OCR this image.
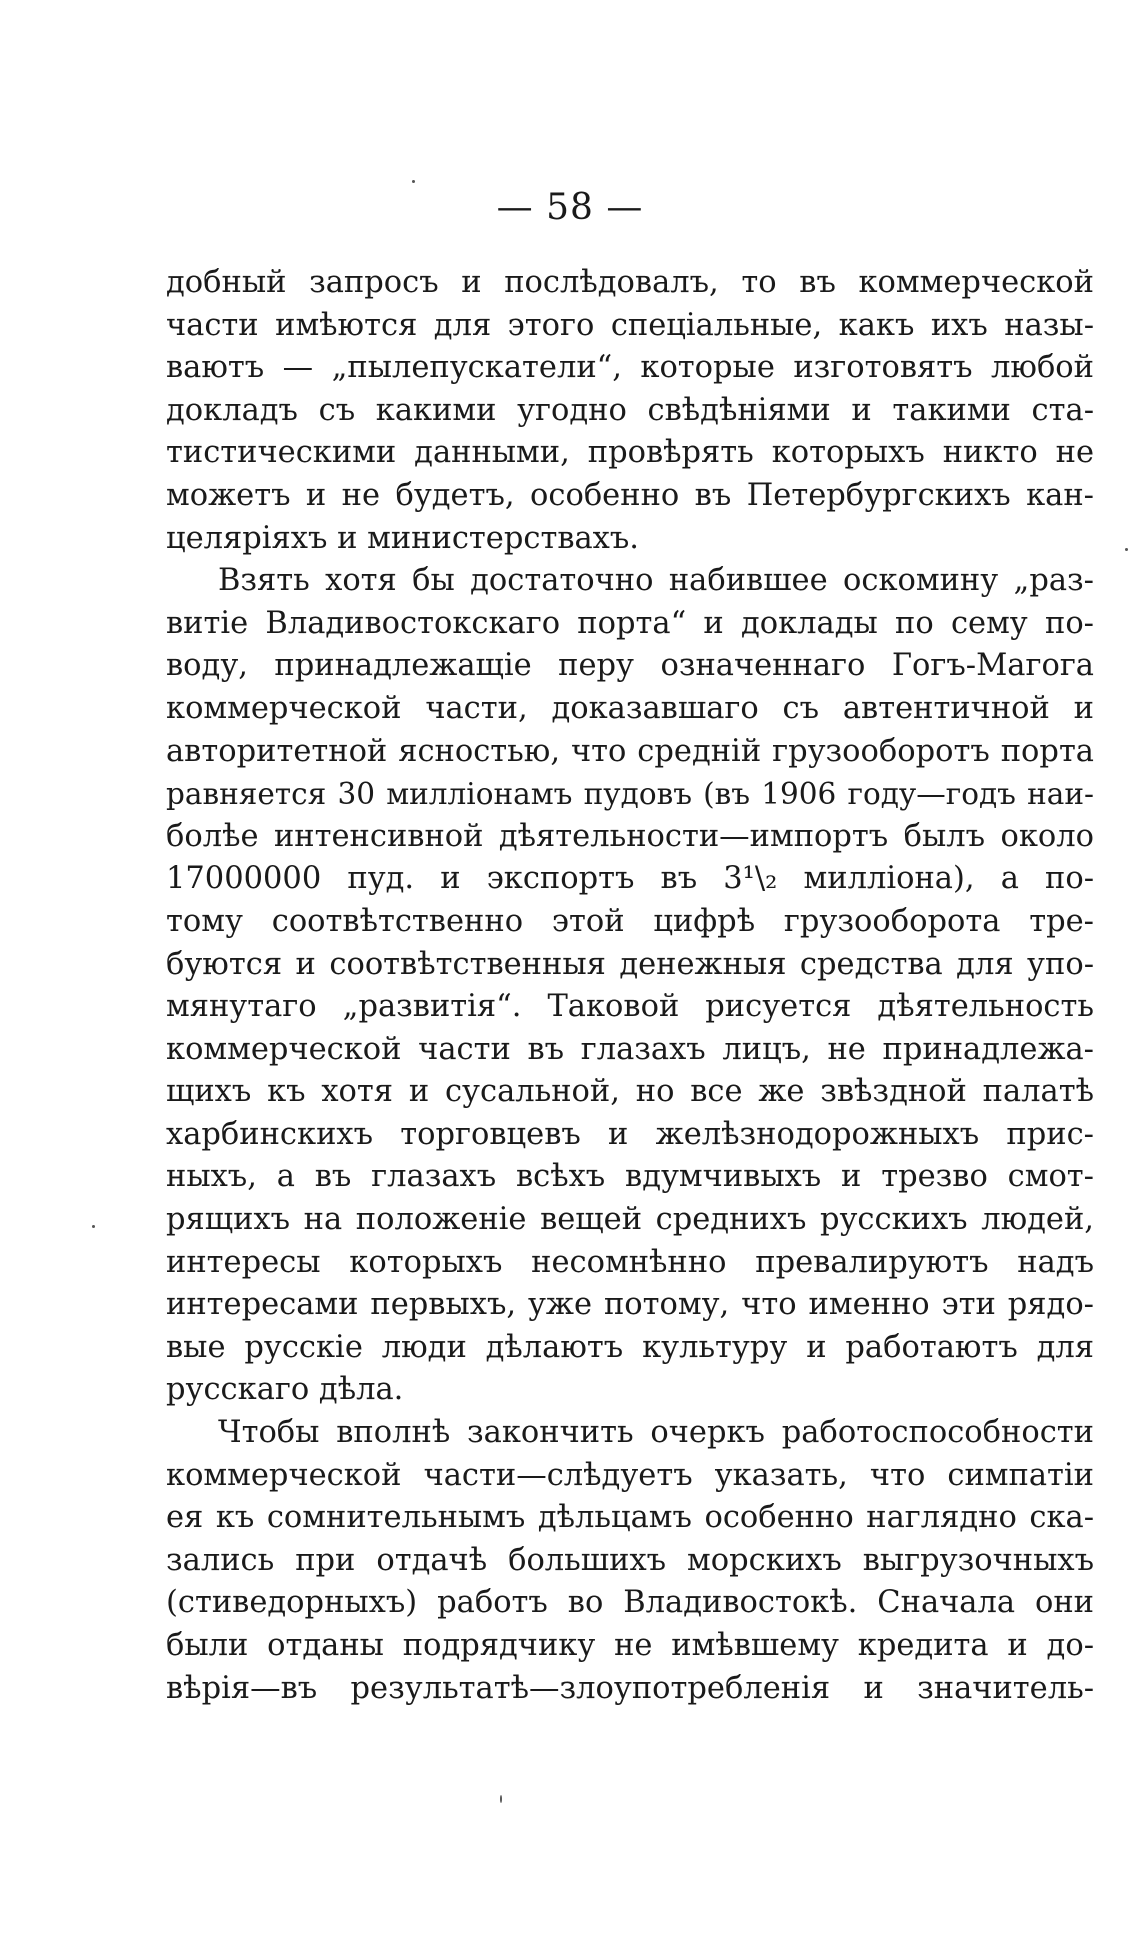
— 58 —
добный запросъ и послѣдовалъ, то въ коммерческой
части имѣются для этого спеціальные, какъ ихъ назы-
ваютъ — „пылепускатели“, которые изготовятъ любой
докладъ съ какими угодно свѣдѣніями и такими ста-
тистическими данными, провѣрять которыхъ никто не
можетъ и не будетъ, особенно въ Петербургскихъ кан-
целяріяхъ и министерствахъ.
Взять хотя бы достаточно набившее оскомину „раз-
витіе Владивостокскаго порта“ и доклады по сему по-
воду, принадлежащіе перу означеннаго Гогъ-Магога
коммерческой части, доказавшаго съ автентичной и
авторитетной ясностью, что средній грузооборотъ порта
равняется 30 милліонамъ пудовъ (въ 1906 году—годъ наи-
болѣе интенсивной дѣятельности—импортъ былъ около
17000000 пуд. и экспортъ въ 3¹\₂ милліона), а по-
тому соотвѣтственно этой цифрѣ грузооборота тре-
буются и соотвѣтственныя денежныя средства для упо-
мянутаго „развитія“. Таковой рисуется дѣятельность
коммерческой части въ глазахъ лицъ, не принадлежа-
щихъ къ хотя и сусальной, но все же звѣздной палатѣ
харбинскихъ торговцевъ и желѣзнодорожныхъ прис-
ныхъ, а въ глазахъ всѣхъ вдумчивыхъ и трезво смот-
рящихъ на положеніе вещей среднихъ русскихъ людей,
интересы которыхъ несомнѣнно превалируютъ надъ
интересами первыхъ, уже потому, что именно эти рядо-
вые русскіе люди дѣлаютъ культуру и работаютъ для
русскаго дѣла.
Чтобы вполнѣ закончить очеркъ работоспособности
коммерческой части—слѣдуетъ указать, что симпатіи
ея къ сомнительнымъ дѣльцамъ особенно наглядно ска-
зались при отдачѣ большихъ морскихъ выгрузочныхъ
(стиведорныхъ) работъ во Владивостокѣ. Сначала они
были отданы подрядчику не имѣвшему кредита и до-
вѣрія—въ результатѣ—злоупотребленія и значитель-
